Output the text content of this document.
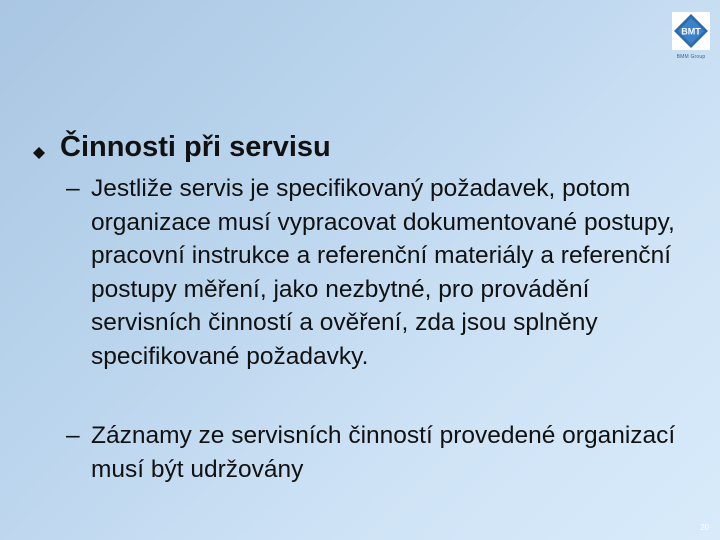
BMT
BMM Group
Činnosti při servisu

– Jestliže servis je specifikovaný požadavek, potom organizace musí vypracovat dokumentované postupy, pracovní instrukce a referenční materiály a referenční postupy měření, jako nezbytné, pro provádění servisních činností a ověření, zda jsou splněny specifikované požadavky.

– Záznamy ze servisních činností provedené organizací musí být udržovány

20
